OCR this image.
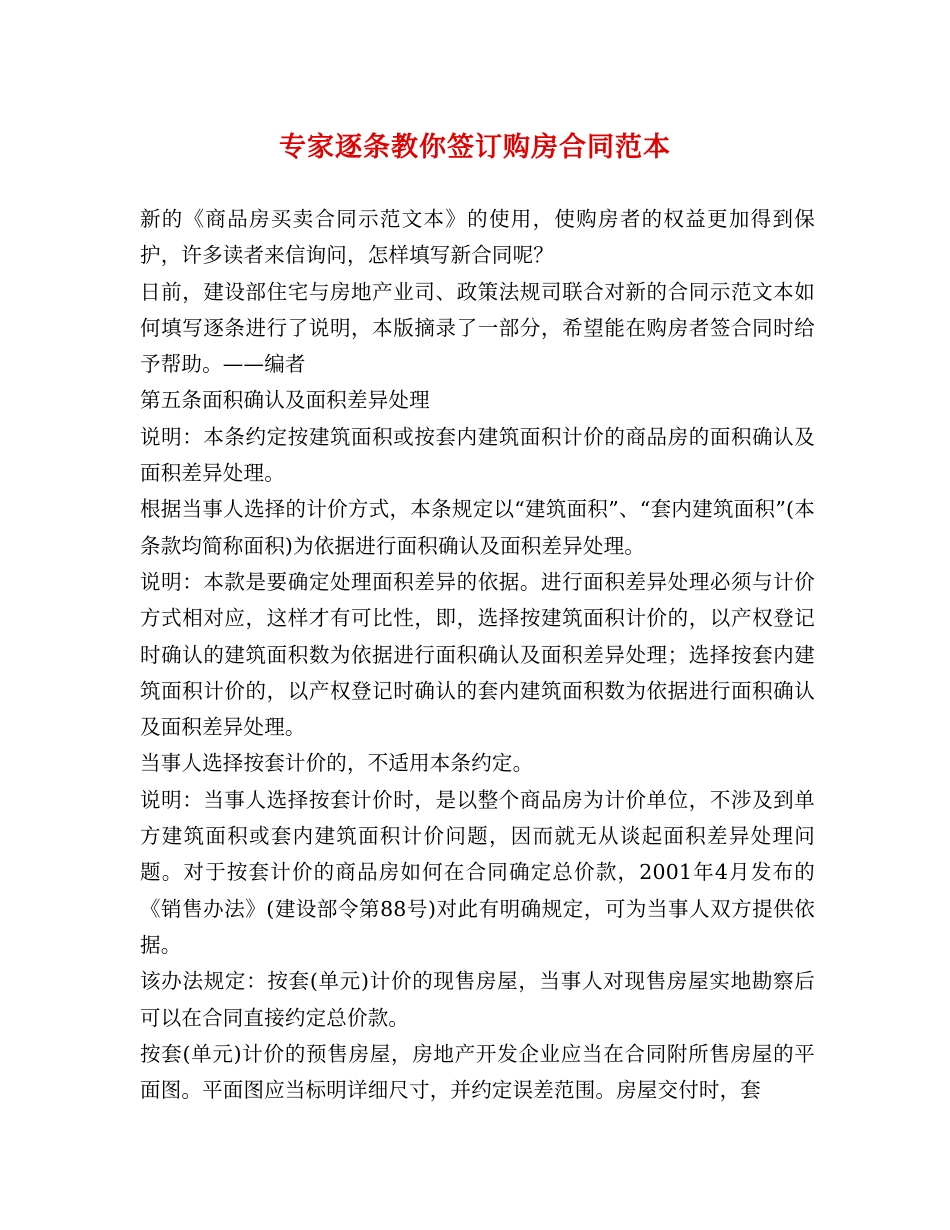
专家逐条教你签订购房合同范本

新的《商品房买卖合同示范文本》的使用，使购房者的权益更加得到保护，许多读者来信询问，怎样填写新合同呢？

日前，建设部住宅与房地产业司、政策法规司联合对新的合同示范文本如何填写逐条进行了说明，本版摘录了一部分，希望能在购房者签合同时给予帮助。——编者

第五条面积确认及面积差异处理

说明：本条约定按建筑面积或按套内建筑面积计价的商品房的面积确认及面积差异处理。

根据当事人选择的计价方式，本条规定以“建筑面积”、“套内建筑面积”(本条款均简称面积)为依据进行面积确认及面积差异处理。

说明：本款是要确定处理面积差异的依据。进行面积差异处理必须与计价方式相对应，这样才有可比性，即，选择按建筑面积计价的，以产权登记时确认的建筑面积数为依据进行面积确认及面积差异处理；选择按套内建筑面积计价的，以产权登记时确认的套内建筑面积数为依据进行面积确认及面积差异处理。

当事人选择按套计价的，不适用本条约定。

说明：当事人选择按套计价时，是以整个商品房为计价单位，不涉及到单方建筑面积或套内建筑面积计价问题，因而就无从谈起面积差异处理问题。对于按套计价的商品房如何在合同确定总价款，2001年4月发布的《销售办法》(建设部令第88号)对此有明确规定，可为当事人双方提供依据。

该办法规定：按套(单元)计价的现售房屋，当事人对现售房屋实地勘察后可以在合同直接约定总价款。

按套(单元)计价的预售房屋，房地产开发企业应当在合同附所售房屋的平面图。平面图应当标明详细尺寸，并约定误差范围。房屋交付时，套
